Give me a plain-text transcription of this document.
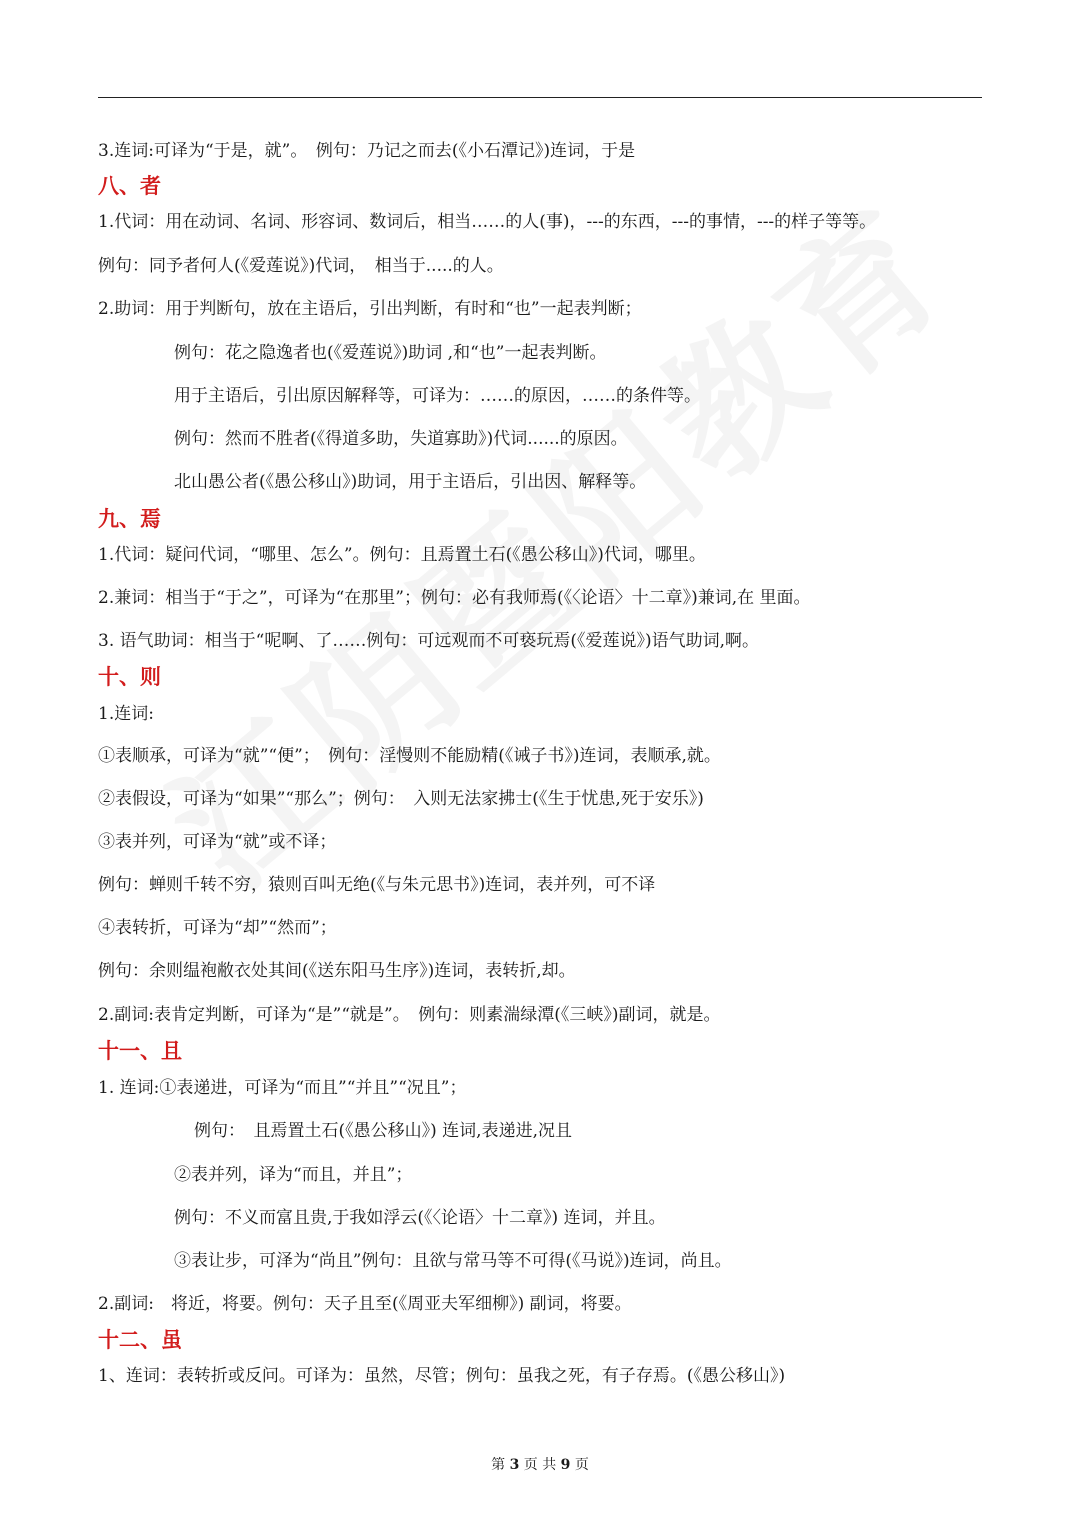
3.连词:可译为“于是，就”。　例句：乃记之而去(《小石潭记》)连词，于是
八、者
1.代词：用在动词、名词、形容词、数词后，相当……的人(事)，---的东西，---的事情，---的样子等等。
例句：同予者何人(《爱莲说》)代词，　相当于.....的人。
2.助词：用于判断句，放在主语后，引出判断，有时和“也”一起表判断；
例句：花之隐逸者也(《爱莲说》)助词 ,和“也”一起表判断。
用于主语后，引出原因解释等，可译为：……的原因，……的条件等。
例句：然而不胜者(《得道多助，失道寡助》)代词......的原因。
北山愚公者(《愚公移山》)助词，用于主语后，引出因、解释等。
九、焉
1.代词：疑问代词，“哪里、怎么”。例句：且焉置土石(《愚公移山》)代词，哪里。
2.兼词：相当于“于之”，可译为“在那里”；例句：必有我师焉(《〈论语〉十二章》)兼词,在 里面。
3. 语气助词：相当于“呢啊、了……例句：可远观而不可亵玩焉(《爱莲说》)语气助词,啊。
十、则
1.连词:
①表顺承，可译为“就”“便”；　例句：淫慢则不能励精(《诫子书》)连词，表顺承,就。
②表假设，可译为“如果”“那么”；例句：　入则无法家拂士(《生于忧患,死于安乐》)
③表并列，可译为“就”或不译；
例句：蝉则千转不穷，猿则百叫无绝(《与朱元思书》)连词，表并列，可不译
④表转折，可译为“却”“然而”；
例句：余则缊袍敝衣处其间(《送东阳马生序》)连词，表转折,却。
2.副词:表肯定判断，可译为“是”“就是”。　例句：则素湍绿潭(《三峡》)副词，就是。
十一、且
1. 连词:①表递进，可译为“而且”“并且”“况且”；
例句：　且焉置土石(《愚公移山》) 连词,表递进,况且
②表并列，译为“而且，并且”；
例句：不义而富且贵,于我如浮云(《〈论语〉十二章》) 连词，并且。
③表让步，可泽为“尚且”例句：且欲与常马等不可得(《马说》)连词，尚且。
2.副词:　将近，将要。例句：天子且至(《周亚夫军细柳》) 副词，将要。
十二、虽
1、连词：表转折或反问。可译为：虽然，尽管；例句：虽我之死，有子存焉。(《愚公移山》)
第 3 页 共 9 页
